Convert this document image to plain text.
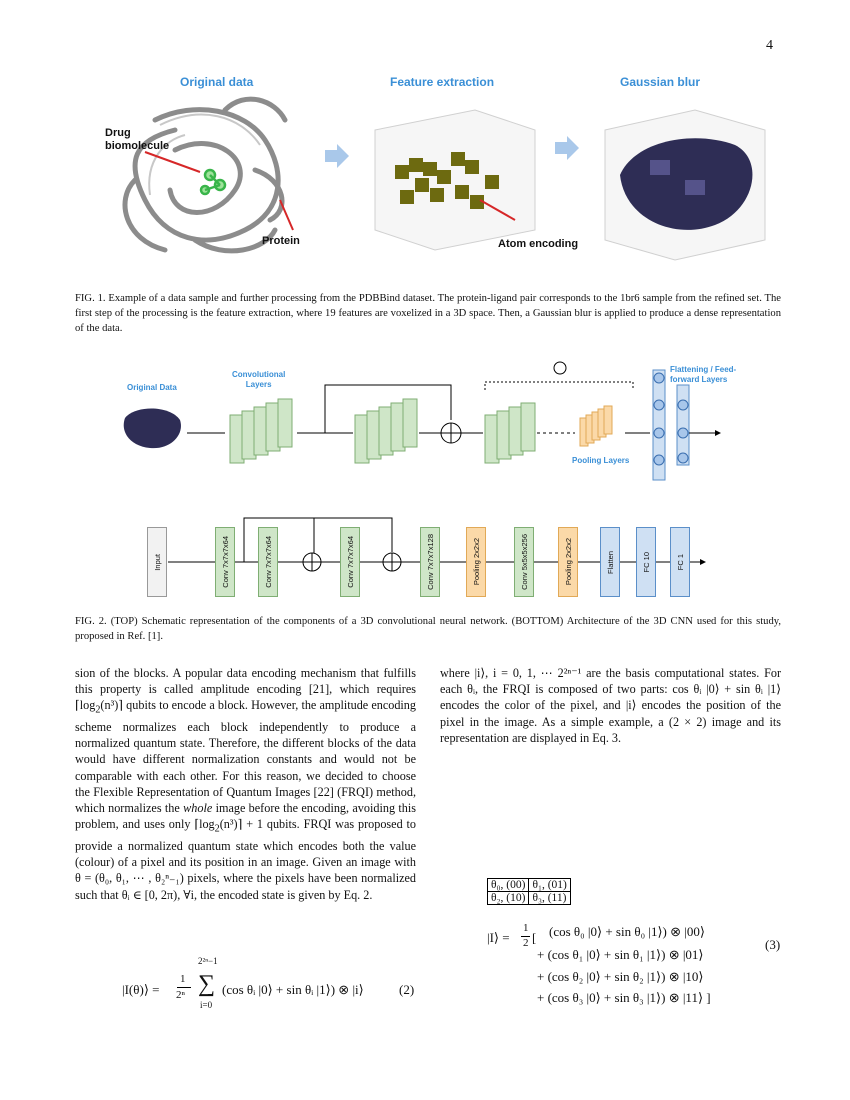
4
Original data	Feature extraction	Gaussian blur
Drug
biomolecule
Protein	Atom encoding
FIG. 1. Example of a data sample and further processing from the PDBBind dataset. The protein-ligand pair corresponds to the 1br6 sample from the refined set. The first step of the processing is the feature extraction, where 19 features are voxelized in a 3D space. Then, a Gaussian blur is applied to produce a dense representation of the data.
Original Data
Convolutional
Layers
Pooling Layers
Flattening / Feed-
forward Layers
Input	Conv 7x7x7x64	Conv 7x7x7x64	Conv 7x7x7x64	Conv 7x7x7x128	Pooling 2x2x2	Conv 5x5x5x256	Pooling 2x2x2	Flatten	FC 10	FC 1
FIG. 2. (TOP) Schematic representation of the components of a 3D convolutional neural network. (BOTTOM) Architecture of the 3D CNN used for this study, proposed in Ref. [1].

sion of the blocks. A popular data encoding mechanism that fulfills this property is called amplitude encoding [21], which requires $⌈\log_2(n^3)⌉$ qubits to encode a block. However, the amplitude encoding scheme normalizes each block independently to produce a normalized quantum state. Therefore, the different blocks of the data would have different normalization constants and would not be comparable with each other. For this reason, we decided to choose the Flexible Representation of Quantum Images [22] (FRQI) method, which normalizes the whole image before the encoding, avoiding this problem, and uses only $⌈\log_2(n^3)⌉ + 1$ qubits. FRQI was proposed to provide a normalized quantum state which encodes both the value (colour) of a pixel and its position in an image. Given an image with θ = (θ₀, θ₁, ⋯ , θ₂ⁿ₋₁) pixels, where the pixels have been normalized such that θᵢ ∈ [0, 2π), ∀i, the encoded state is given by Eq. 2.

|I(θ)⟩ =
1
2ⁿ
2²ⁿ−1
∑
i=0
(cos θᵢ |0⟩ + sin θᵢ |1⟩) ⊗ |i⟩	(2)
where |i⟩, i = 0, 1, ⋯ 2²ⁿ⁻¹ are the basis computational states. For each θᵢ, the FRQI is composed of two parts: cos θᵢ |0⟩ + sin θᵢ |1⟩ encodes the color of the pixel, and |i⟩ encodes the position of the pixel in the image. As a simple example, a (2 × 2) image and its representation are displayed in Eq. 3.
θ₀, (00)	θ₁, (01)
θ₂, (10)	θ₃, (11)
|I⟩ =
1
2 [ (cos θ₀ |0⟩ + sin θ₀ |1⟩) ⊗ |00⟩
+ (cos θ₁ |0⟩ + sin θ₁ |1⟩) ⊗ |01⟩
+ (cos θ₂ |0⟩ + sin θ₂ |1⟩) ⊗ |10⟩
+ (cos θ₃ |0⟩ + sin θ₃ |1⟩) ⊗ |11⟩ ]
(3)
